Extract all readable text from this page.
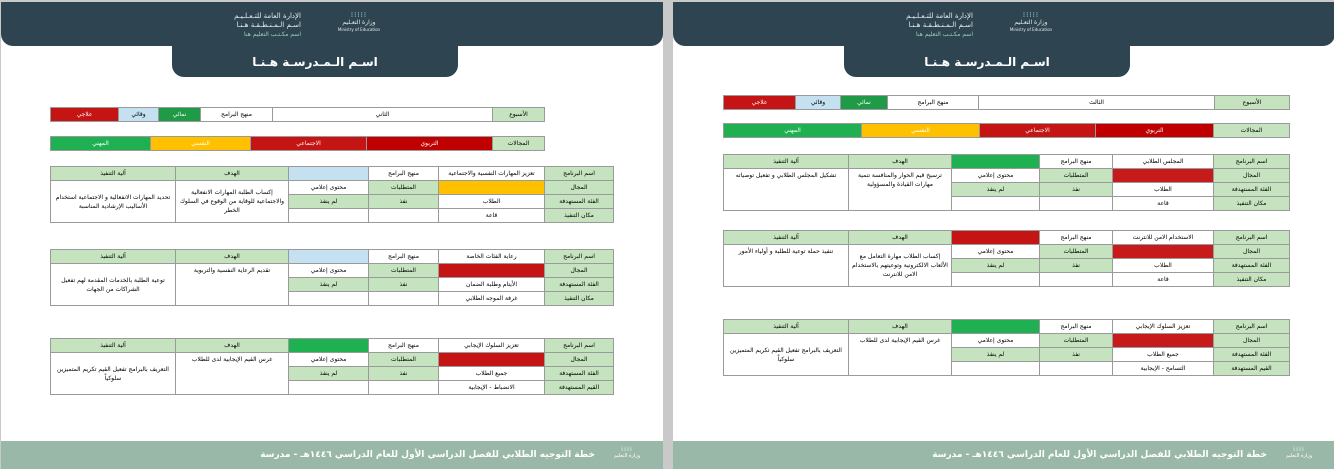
الإدارة العامة للتـعـلـيـم
اسـم الـمـنـطـقـة هـنـا
اسم مكـتـب التعليم هنا
⁞⁞⁞⁞⁞
وزارة التعـليم
Ministry of Education
اسـم الـمـدرسـة هـنـا
الأسبوع	الثاني	منهج البرامج	نمائي	وقائي	علاجي
المجالات	التربوي	الاجتماعي	النفسي	المهني
اسم البرنامج	تعزيز المهارات النفسية والاجتماعية	منهج البرامج		الهدف	آلية التنفيذ
المجال		المتطلبات	محتوى إعلامي	إكساب الطلبة المهارات الانفعالية والاجتماعية للوقاية من الوقوع في السلوك الخطر	تحديد المهارات الانفعالية و الاجتماعية استخدام الأساليب الإرشادية المناسبة
الفئة المستهدفة	الطلاب	نفذ	لم ينفذ		
مكان التنفيذ	قاعة				
اسم البرنامج	رعاية الفئات الخاصة	منهج البرامج		الهدف	آلية التنفيذ
المجال		المتطلبات	محتوى إعلامي	تقديم الرعاية النفسية والتربوية	توعية الطلبة بالخدمات المقدمة لهم تفعيل الشراكات من الجهات
الفئة المستهدفة	الأيتام وطلبة الضمان	نفذ	لم ينفذ		
مكان التنفيذ	غرفة الموجه الطلابي				
اسم البرنامج	تعزيز السلوك الإيجابي	منهج البرامج		الهدف	آلية التنفيذ
المجال		المتطلبات	محتوى إعلامي	غرس القيم الإيجابية لدى للطلاب	التعريف بالبرامج تفعيل القيم تكريم المتميزين سلوكياً
الفئة المستهدفة	جميع الطلاب	نفذ	لم ينفذ		
القيم المستهدفة	الانضباط - الإيجابية				
خطة التوجيه الطلابي للفصل الدراسي الأول للعام الدراسي ١٤٤٦هـ - مدرسة
⁞⁞⁞⁞
وزارة التعليم
الإدارة العامة للتـعـلـيـم
اسـم الـمـنـطـقـة هـنـا
اسم مكـتـب التعليم هنا
⁞⁞⁞⁞⁞
وزارة التعـليم
Ministry of Education
اسـم الـمـدرسـة هـنـا
الأسبوع	الثالث	منهج البرامج	نمائي	وقائي	علاجي
المجالات	التربوي	الاجتماعي	النفسي	المهني
اسم البرنامج	المجلس الطلابي	منهج البرامج		الهدف	آلية التنفيذ
المجال		المتطلبات	محتوى إعلامي	ترسيخ قيم الحوار والمنافسة تنمية مهارات القيادة والمسؤولية	تشكيل المجلس الطلابي و تفعيل توصياته
الفئة المستهدفة	الطلاب	نفذ	لم ينفذ		
مكان التنفيذ	قاعة				
اسم البرنامج	الاستخدام الامن للانترنت	منهج البرامج		الهدف	آلية التنفيذ
المجال		المتطلبات	محتوى إعلامي	إكساب الطلاب مهارة التعامل مع الألعاب الالكترونية وتوعيتهم بالاستخدام الامن للانترنت	تنفيذ حملة توعية للطلبة و أولياء الأمور
الفئة المستهدفة	الطلاب	نفذ	لم ينفذ		
مكان التنفيذ	قاعة				
اسم البرنامج	تعزيز السلوك الإيجابي	منهج البرامج		الهدف	آلية التنفيذ
المجال		المتطلبات	محتوى إعلامي	غرس القيم الإيجابية لدى للطلاب	التعريف بالبرامج تفعيل القيم تكريم المتميزين سلوكياً
الفئة المستهدفة	جميع الطلاب	نفذ	لم ينفذ		
القيم المستهدفة	التسامح - الإيجابية				
خطة التوجيه الطلابي للفصل الدراسي الأول للعام الدراسي ١٤٤٦هـ - مدرسة
⁞⁞⁞⁞
وزارة التعليم
